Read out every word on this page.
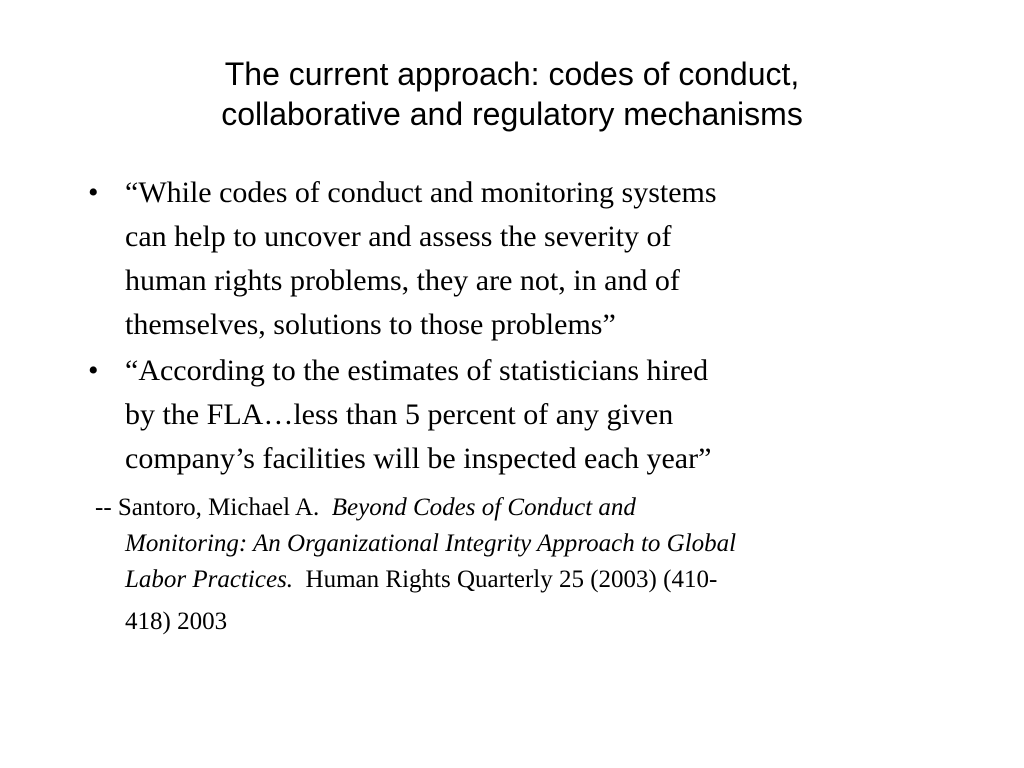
The current approach: codes of conduct,
collaborative and regulatory mechanisms
• “While codes of conduct and monitoring systems
can help to uncover and assess the severity of
human rights problems, they are not, in and of
themselves, solutions to those problems”
• “According to the estimates of statisticians hired
by the FLA…less than 5 percent of any given
company’s facilities will be inspected each year”
-- Santoro, Michael A. Beyond Codes of Conduct and
Monitoring: An Organizational Integrity Approach to Global
Labor Practices. Human Rights Quarterly 25 (2003) (410-
418) 2003
